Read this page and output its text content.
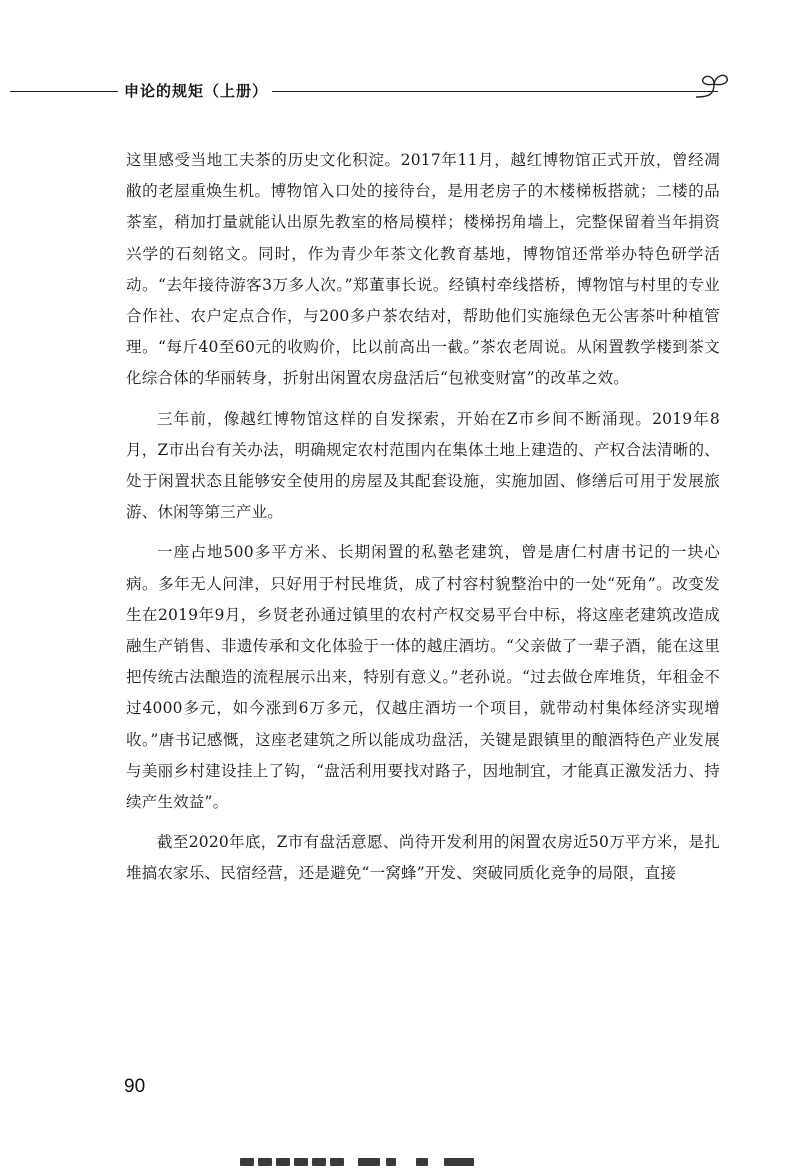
申论的规矩（上册）

这里感受当地工夫茶的历史文化积淀。2017年11月，越红博物馆正式开放，曾经凋敝的老屋重焕生机。博物馆入口处的接待台，是用老房子的木楼梯板搭就；二楼的品茶室，稍加打量就能认出原先教室的格局模样；楼梯拐角墙上，完整保留着当年捐资兴学的石刻铭文。同时，作为青少年茶文化教育基地，博物馆还常举办特色研学活动。“去年接待游客3万多人次。”郑董事长说。经镇村牵线搭桥，博物馆与村里的专业合作社、农户定点合作，与200多户茶农结对，帮助他们实施绿色无公害茶叶种植管理。“每斤40至60元的收购价，比以前高出一截。”茶农老周说。从闲置教学楼到茶文化综合体的华丽转身，折射出闲置农房盘活后“包袱变财富”的改革之效。

三年前，像越红博物馆这样的自发探索，开始在Z市乡间不断涌现。2019年8月，Z市出台有关办法，明确规定农村范围内在集体土地上建造的、产权合法清晰的、处于闲置状态且能够安全使用的房屋及其配套设施，实施加固、修缮后可用于发展旅游、休闲等第三产业。

一座占地500多平方米、长期闲置的私塾老建筑，曾是唐仁村唐书记的一块心病。多年无人问津，只好用于村民堆货，成了村容村貌整治中的一处“死角”。改变发生在2019年9月，乡贤老孙通过镇里的农村产权交易平台中标，将这座老建筑改造成融生产销售、非遗传承和文化体验于一体的越庄酒坊。“父亲做了一辈子酒，能在这里把传统古法酿造的流程展示出来，特别有意义。”老孙说。“过去做仓库堆货，年租金不过4000多元，如今涨到6万多元，仅越庄酒坊一个项目，就带动村集体经济实现增收。”唐书记感慨，这座老建筑之所以能成功盘活，关键是跟镇里的酿酒特色产业发展与美丽乡村建设挂上了钩，“盘活利用要找对路子，因地制宜，才能真正激发活力、持续产生效益”。

截至2020年底，Z市有盘活意愿、尚待开发利用的闲置农房近50万平方米，是扎堆搞农家乐、民宿经营，还是避免“一窝蜂”开发、突破同质化竞争的局限，直接

90
